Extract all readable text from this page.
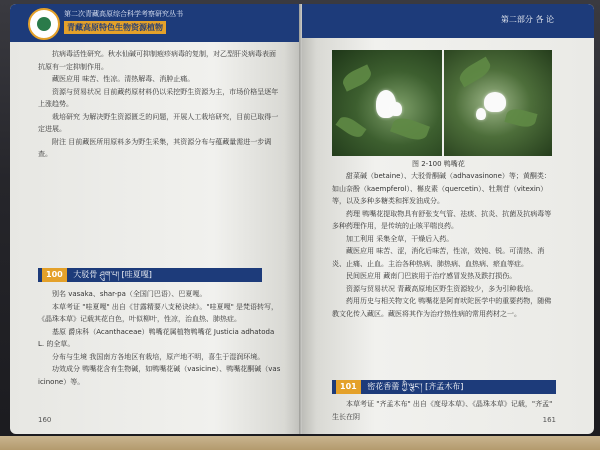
第二次青藏高原综合科学考察研究丛书
青藏高原特色生物资源植物

抗病毒活性研究。秋水仙碱可抑制疱疹病毒的复制，对乙型肝炎病毒表面抗原有一定抑制作用。

藏医应用 味苦、性凉。清热解毒、消肿止痛。

资源与贸易状况 目前藏药原材料仍以采挖野生资源为主，市场价格呈逐年上涨趋势。

栽培研究 为解决野生资源匮乏的问题，开展人工栽培研究，目前已取得一定进展。

附注 目前藏医所用原料多为野生采集，其资源分布与蕴藏量需进一步调查。

100 大驳骨 ཤུག་པ། [哇夏嘎]

别名 vasaka、shar-pa（全国门巴语）、巴夏嘎。

本草考证 "哇夏嘎" 出自《甘露精要八支秘诀续》。"哇夏嘎" 是梵语转写，《晶珠本草》记载其花白色，叶似柳叶，性凉，治血热、肺热症。

基原 爵床科（Acanthaceae）鸭嘴花属植物鸭嘴花 Justicia adhatoda L. 的全草。

分布与生境 我国南方各地区有栽培，原产地不明，喜生于湿润环境。

功效成分 鸭嘴花含有生物碱，如鸭嘴花碱（vasicine）、鸭嘴花酮碱（vasicinone）等。

160
第二部分 各 论
图 2-100 鸭嘴花

甜菜碱（betaine）、大驳骨酮碱（adhavasinone）等；黄酮类：如山奈酚（kaempferol）、槲皮素（quercetin）、牡荆苷（vitexin）等，以及多种多糖类和挥发油成分。

药理 鸭嘴花提取物具有舒张支气管、祛痰、抗炎、抗菌及抗病毒等多种药理作用，是传统的止咳平喘良药。

加工利用 采集全草，干燥后入药。

藏医应用 味苦、涩，消化后味苦，性凉，效钝、锐。可清热、消炎、止痛、止血。主治各种热病、肺热病、血热病、瘀血等症。

民间医应用 藏南门巴族用于治疗感冒发热及跌打损伤。

资源与贸易状况 青藏高原地区野生资源较少，多为引种栽培。

药用历史与相关物文化 鸭嘴花是阿育吠陀医学中的重要药物，随佛教文化传入藏区。藏医将其作为治疗热性病的常用药材之一。

101 密花香薷 ཀྱི་ལྕང་། [齐孟木布]

本草考证 "齐孟木布" 出自《度母本草》、《晶珠本草》记载，"齐孟" 生长在阴	161
